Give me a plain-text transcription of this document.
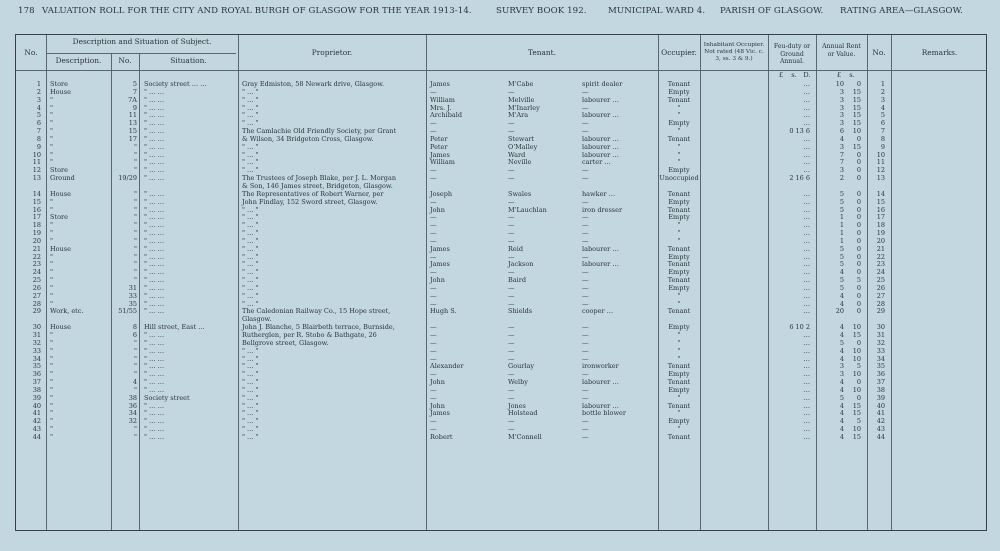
178 VALUATION ROLL FOR THE CITY AND ROYAL BURGH OF GLASGOW FOR THE YEAR 1913-14.	SURVEY BOOK 192. MUNICIPAL WARD 4. PARISH OF GLASGOW. RATING AREA—GLASGOW.
No.
Description and Situation of Subject.
Description.	No.	Situation.
Proprietor.	Tenant.	Occupier.
Inhabitant Occupier. Not rated (48 Vic. c. 3, ss. 3 & 9.)
Feu-duty or Ground Annual.
Annual Rent or Value.	No.	Remarks.
£	s.	D.	£	s.
1 Store	5 Society street … …	Gray Edmiston, 58 Newark drive, Glasgow.	James	M'Cabe	spirit dealer	Tenant	…	10	0	1
2 House	7 " … …	" … "	—	—	—	Empty	…	3	15	2
3 "	7A " … …	" … "	William	Melville	labourer …	Tenant	…	3	15	3
4 "	9 " … …	" … "	Mrs. J.	M'Inarley	—	"	…	3	15	4
5 "	11 " … …	" … "	Archibald	M'Ara	labourer …	"	…	3	15	5
6 "	13 " … …	" … "	—	—	—	Empty	…	3	15	6
7 "	15 " … …	The Camlachie Old Friendly Society, per Grant	—	—	—	"	0 13 6	6	10	7
8 "	17 " … …	& Wilson, 34 Bridgeton Cross, Glasgow.	Peter	Stewart	labourer …	Tenant	…	4	0	8
9 "	" " … …	" … "	Peter	O'Malley	labourer …	"	…	3	15	9
10 "	" " … …	" … "	James	Ward	labourer …	"	…	7	0	10
11 "	" " … …	" … "	William	Neville	carter …	"	…	7	0	11
12 Store	" " … …	" … "	—	—	—	Empty	…	3	0	12
13 Ground	19/29 " … …	The Trustees of Joseph Blake, per J. L. Morgan	—	—	—	Unoccupied	2 16 6	2	0	13
& Son, 146 James street, Bridgeton, Glasgow.
14 House	" " … …	The Representatives of Robert Warner, per	Joseph	Swales	hawker …	Tenant	…	5	0	14
15 "	" " … …	John Findlay, 152 Sword street, Glasgow.	—	—	—	Empty	…	5	0	15
16 "	" " … …	" … "	John	M'Lauchlan	iron dresser	Tenant	…	5	0	16
17 Store	" " … …	" … "	—	—	—	Empty	…	1	0	17
18 "	" " … …	" … "	—	—	—	"	…	1	0	18
19 "	" " … …	" … "	—	—	—	"	…	1	0	19
20 "	" " … …	" … "	—	—	—	"	…	1	0	20
21 House	" " … …	" … "	James	Reid	labourer …	Tenant	…	5	0	21
22 "	" " … …	" … "	—	—	—	Empty	…	5	0	22
23 "	" " … …	" … "	James	Jackson	labourer …	Tenant	…	5	0	23
24 "	" " … …	" … "	—	—	—	Empty	…	4	0	24
25 "	" " … …	" … "	John	Baird	—	Tenant	…	5	5	25
26 "	31 " … …	" … "	—	—	—	Empty	…	5	0	26
27 "	33 " … …	" … "	—	—	—	"	…	4	0	27
28 "	35 " … …	" … "	—	—	—	"	…	4	0	28
29 Work, etc.	51/55 " … …	The Caledonian Railway Co., 15 Hope street,	Hugh S.	Shields	cooper …	Tenant	…	20	0	29
Glasgow.
30 House	8 Hill street, East …	John J. Blanche, 5 Blairbeth terrace, Burnside,	—	—	—	Empty	6 10 2	4	10	30
31 "	6 " … …	Rutherglen, per R. Stobo & Bathgate, 26	—	—	—	"	…	4	15	31
32 "	" " … …	Bellgrove street, Glasgow.	—	—	—	"	…	5	0	32
33 "	" " … …	" … "	—	—	—	"	…	4	10	33
34 "	" " … …	" … "	—	—	—	"	…	4	10	34
35 "	" " … …	" … "	Alexander	Gourlay	ironworker	Tenant	…	3	5	35
36 "	" " … …	" … "	—	—	—	Empty	…	3	10	36
37 "	4 " … …	" … "	John	Welby	labourer …	Tenant	…	4	0	37
38 "	" " … …	" … "	—	—	—	Empty	…	4	10	38
39 "	38 Society street	" … "	—	—	—	"	…	5	0	39
40 "	36 " … …	" … "	John	Jones	labourer …	Tenant	…	4	15	40
41 "	34 " … …	" … "	James	Holstead	bottle blower	"	…	4	15	41
42 "	32 " … …	" … "	—	—	—	Empty	…	4	5	42
43 "	" " … …	" … "	—	—	—	"	…	4	10	43
44 "	" " … …	" … "	Robert	M'Connell	—	Tenant	…	4	15	44
